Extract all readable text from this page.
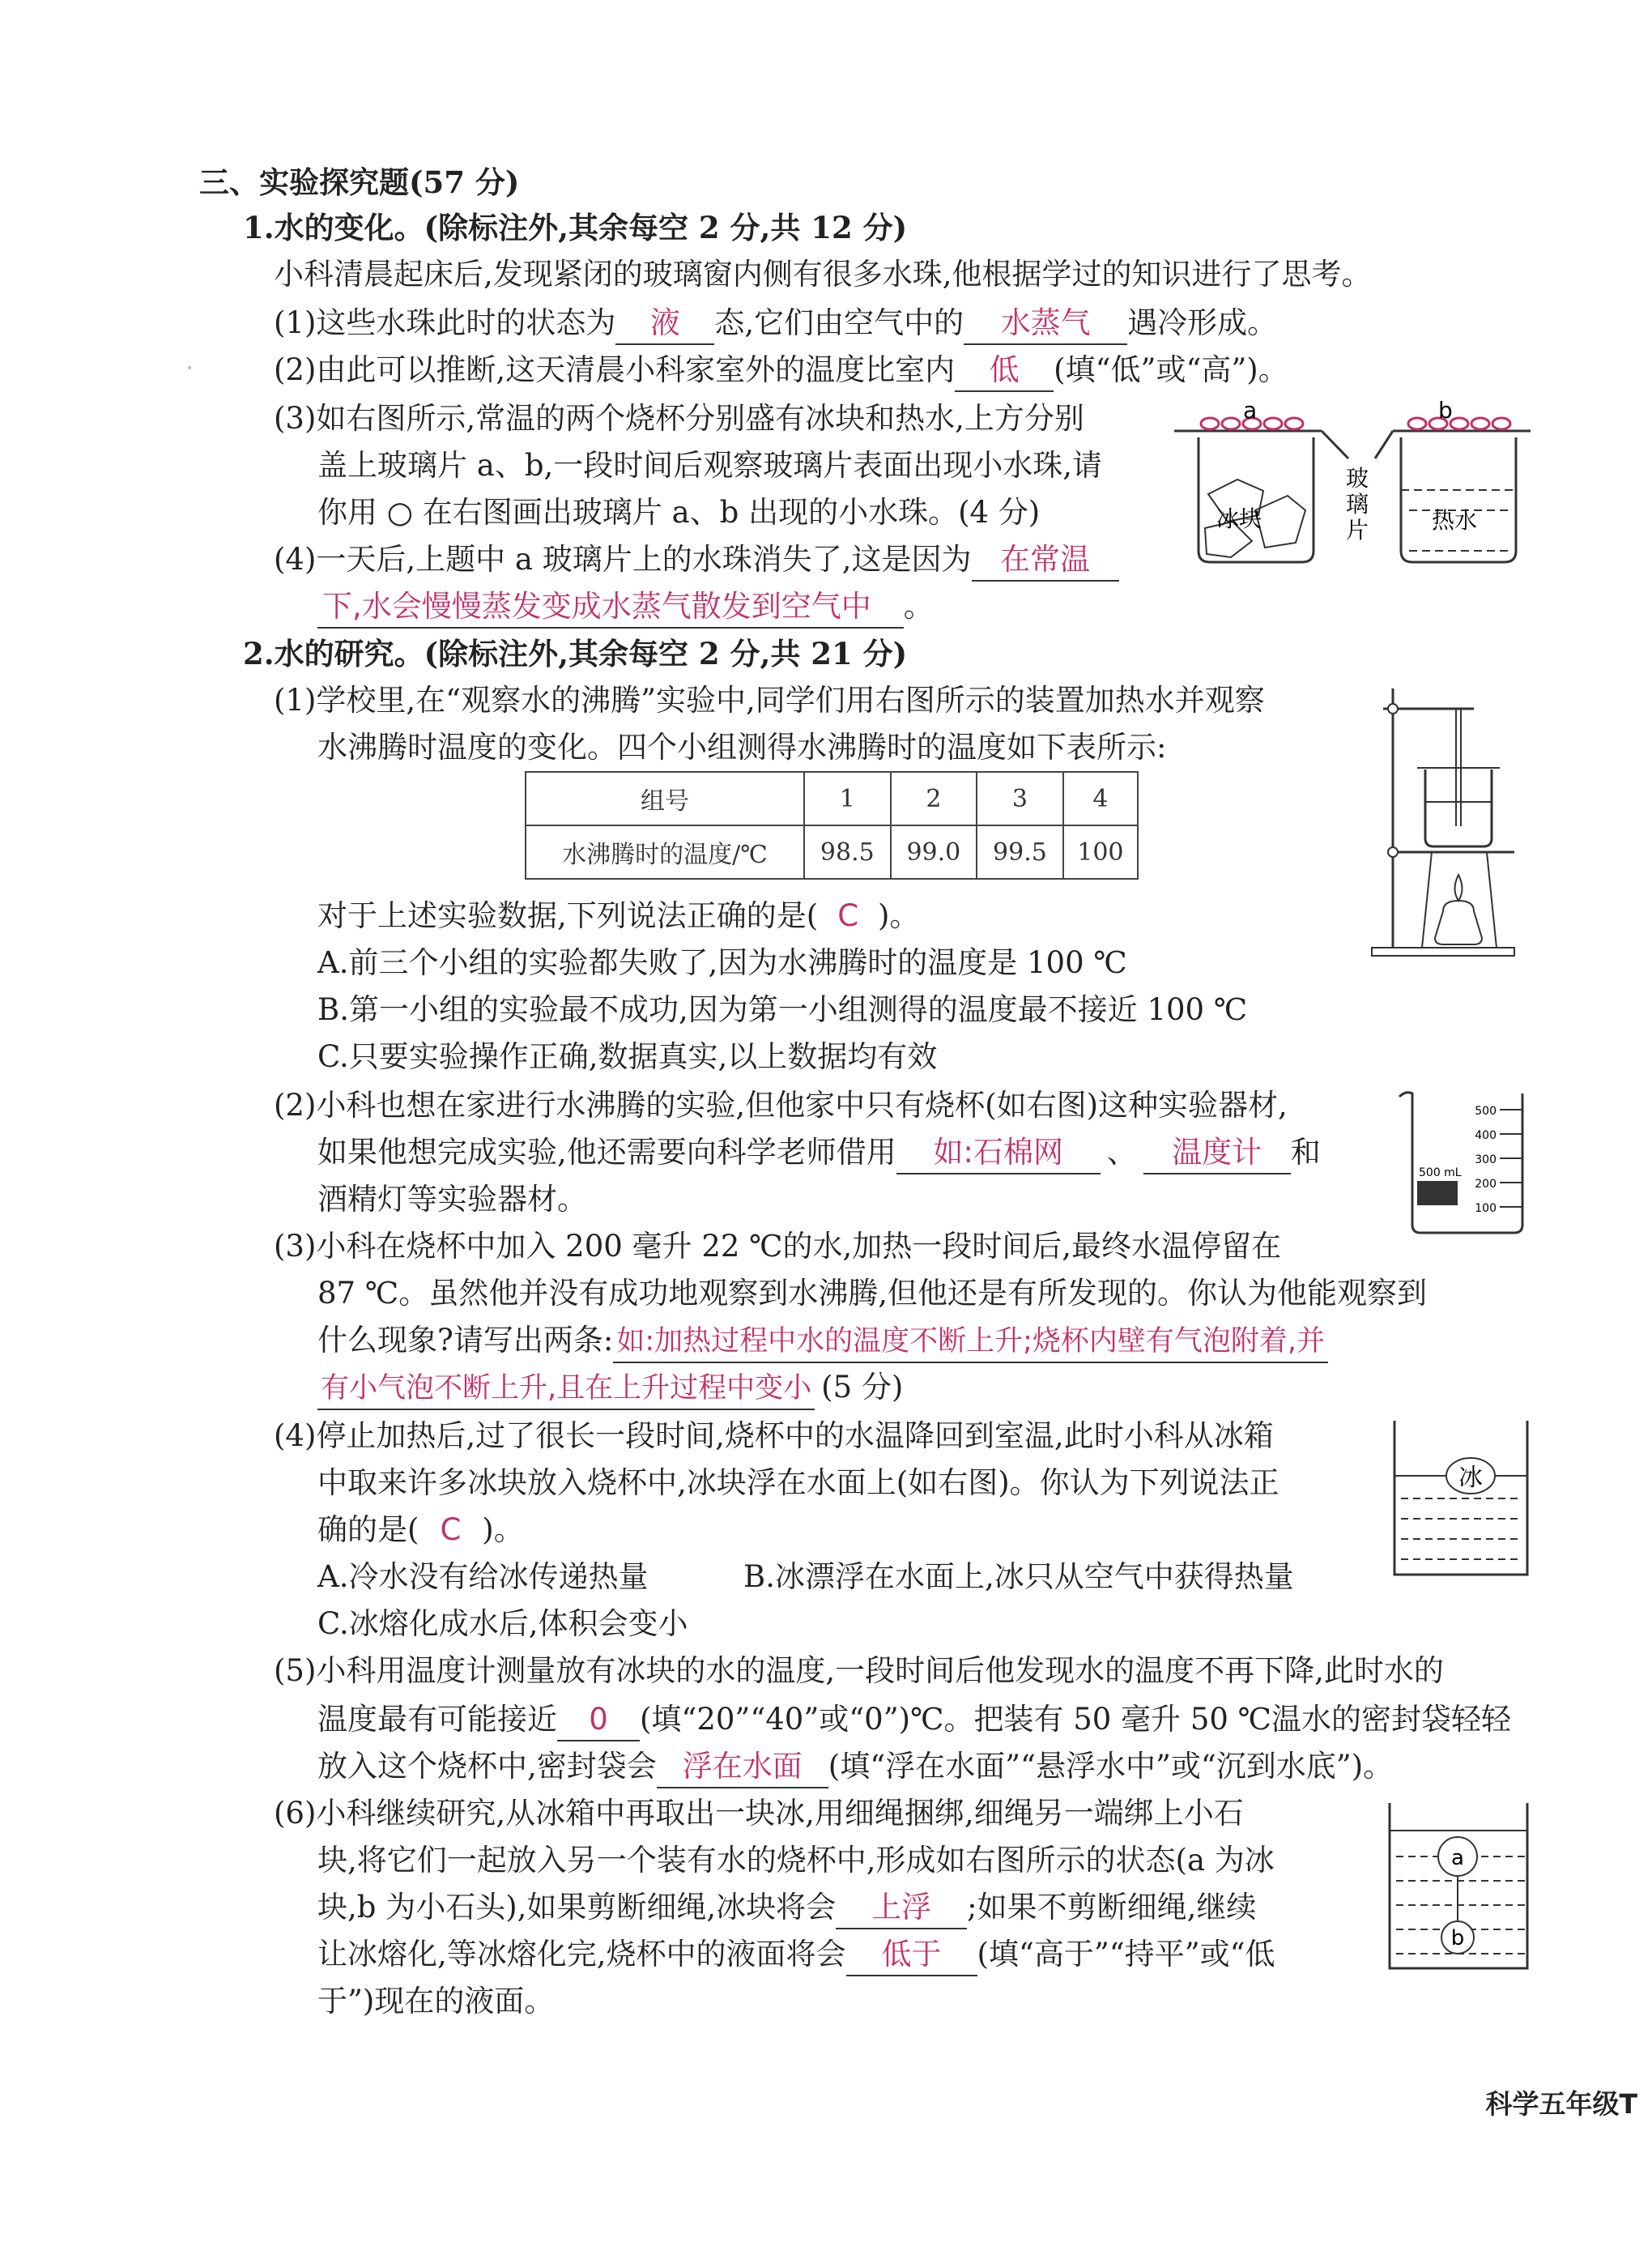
三、实验探究题(57 分)
1.水的变化。(除标注外,其余每空 2 分,共 12 分)
小科清晨起床后,发现紧闭的玻璃窗内侧有很多水珠,他根据学过的知识进行了思考。
(1)这些水珠此时的状态为 液 态,它们由空气中的 水蒸气 遇冷形成。
(2)由此可以推断,这天清晨小科家室外的温度比室内 低 (填“低”或“高”)。
(3)如右图所示,常温的两个烧杯分别盛有冰块和热水,上方分别
盖上玻璃片 a、b,一段时间后观察玻璃片表面出现小水珠,请
你用 ○ 在右图画出玻璃片 a、b 出现的小水珠。(4 分)
(4)一天后,上题中 a 玻璃片上的水珠消失了,这是因为 在常温
下,水会慢慢蒸发变成水蒸气散发到空气中 。
a	b
冰块	热水
玻
璃
片
2.水的研究。(除标注外,其余每空 2 分,共 21 分)
(1)学校里,在“观察水的沸腾”实验中,同学们用右图所示的装置加热水并观察
水沸腾时温度的变化。四个小组测得水沸腾时的温度如下表所示:
组号	1	2	3	4
水沸腾时的温度/℃	98.5	99.0	99.5	100
对于上述实验数据,下列说法正确的是( C )。
A.前三个小组的实验都失败了,因为水沸腾时的温度是 100 ℃
B.第一小组的实验最不成功,因为第一小组测得的温度最不接近 100 ℃
C.只要实验操作正确,数据真实,以上数据均有效
(2)小科也想在家进行水沸腾的实验,但他家中只有烧杯(如右图)这种实验器材,
如果他想完成实验,他还需要向科学老师借用 如:石棉网 、 温度计 和
酒精灯等实验器材。
500
400
300
200
100
500 mL
(3)小科在烧杯中加入 200 毫升 22 ℃的水,加热一段时间后,最终水温停留在
87 ℃。虽然他并没有成功地观察到水沸腾,但他还是有所发现的。你认为他能观察到
什么现象?请写出两条: 如:加热过程中水的温度不断上升;烧杯内壁有气泡附着,并
有小气泡不断上升,且在上升过程中变小 (5 分)
(4)停止加热后,过了很长一段时间,烧杯中的水温降回到室温,此时小科从冰箱
中取来许多冰块放入烧杯中,冰块浮在水面上(如右图)。你认为下列说法正
确的是( C )。
A.冷水没有给冰传递热量	B.冰漂浮在水面上,冰只从空气中获得热量
C.冰熔化成水后,体积会变小
冰
(5)小科用温度计测量放有冰块的水的温度,一段时间后他发现水的温度不再下降,此时水的
温度最有可能接近 0 (填“20”“40”或“0”)℃。把装有 50 毫升 50 ℃温水的密封袋轻轻
放入这个烧杯中,密封袋会 浮在水面 (填“浮在水面”“悬浮水中”或“沉到水底”)。
(6)小科继续研究,从冰箱中再取出一块冰,用细绳捆绑,细绳另一端绑上小石
块,将它们一起放入另一个装有水的烧杯中,形成如右图所示的状态(a 为冰
块,b 为小石头),如果剪断细绳,冰块将会 上浮 ;如果不剪断细绳,继续
让冰熔化,等冰熔化完,烧杯中的液面将会 低于 (填“高于”“持平”或“低
于”)现在的液面。
a
b
科学五年级T
